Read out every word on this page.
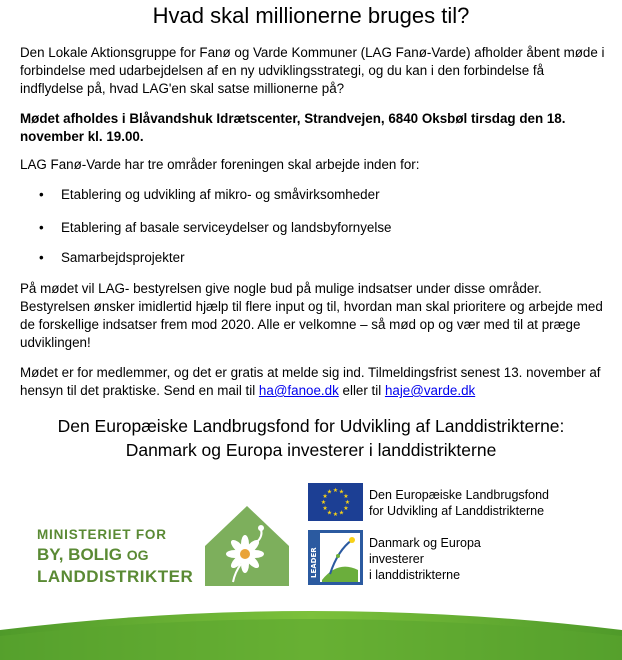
Hvad skal millionerne bruges til?
Den Lokale Aktionsgruppe for Fanø og Varde Kommuner (LAG Fanø-Varde) afholder åbent møde i forbindelse med udarbejdelsen af en ny udviklingsstrategi, og du kan i den forbindelse få indflydelse på, hvad LAG'en skal satse millionerne på?
Mødet afholdes i Blåvandshuk Idrætscenter, Strandvejen, 6840 Oksbøl tirsdag den 18. november kl. 19.00.
LAG Fanø-Varde har tre områder foreningen skal arbejde inden for:
• Etablering og udvikling af mikro- og småvirksomheder
• Etablering af basale serviceydelser og landsbyfornyelse
• Samarbejdsprojekter
På mødet vil LAG- bestyrelsen give nogle bud på mulige indsatser under disse områder. Bestyrelsen ønsker imidlertid hjælp til flere input og til, hvordan man skal prioritere og arbejde med de forskellige indsatser frem mod 2020. Alle er velkomne – så mød op og vær med til at præge udviklingen!
Mødet er for medlemmer, og det er gratis at melde sig ind. Tilmeldingsfrist senest 13. november af hensyn til det praktiske. Send en mail til ha@fanoe.dk eller til haje@varde.dk
Den Europæiske Landbrugsfond for Udvikling af Landdistrikterne:
Danmark og Europa investerer i landdistrikterne
MINISTERIET FOR
BY, BOLIG OG
LANDDISTRIKTER
★ ★
★
★
★
★
★
★
★
★
★
★	Den Europæiske Landbrugsfond
for Udvikling af Landdistrikterne
LEADER
Danmark og Europa
investerer
i landdistrikterne
